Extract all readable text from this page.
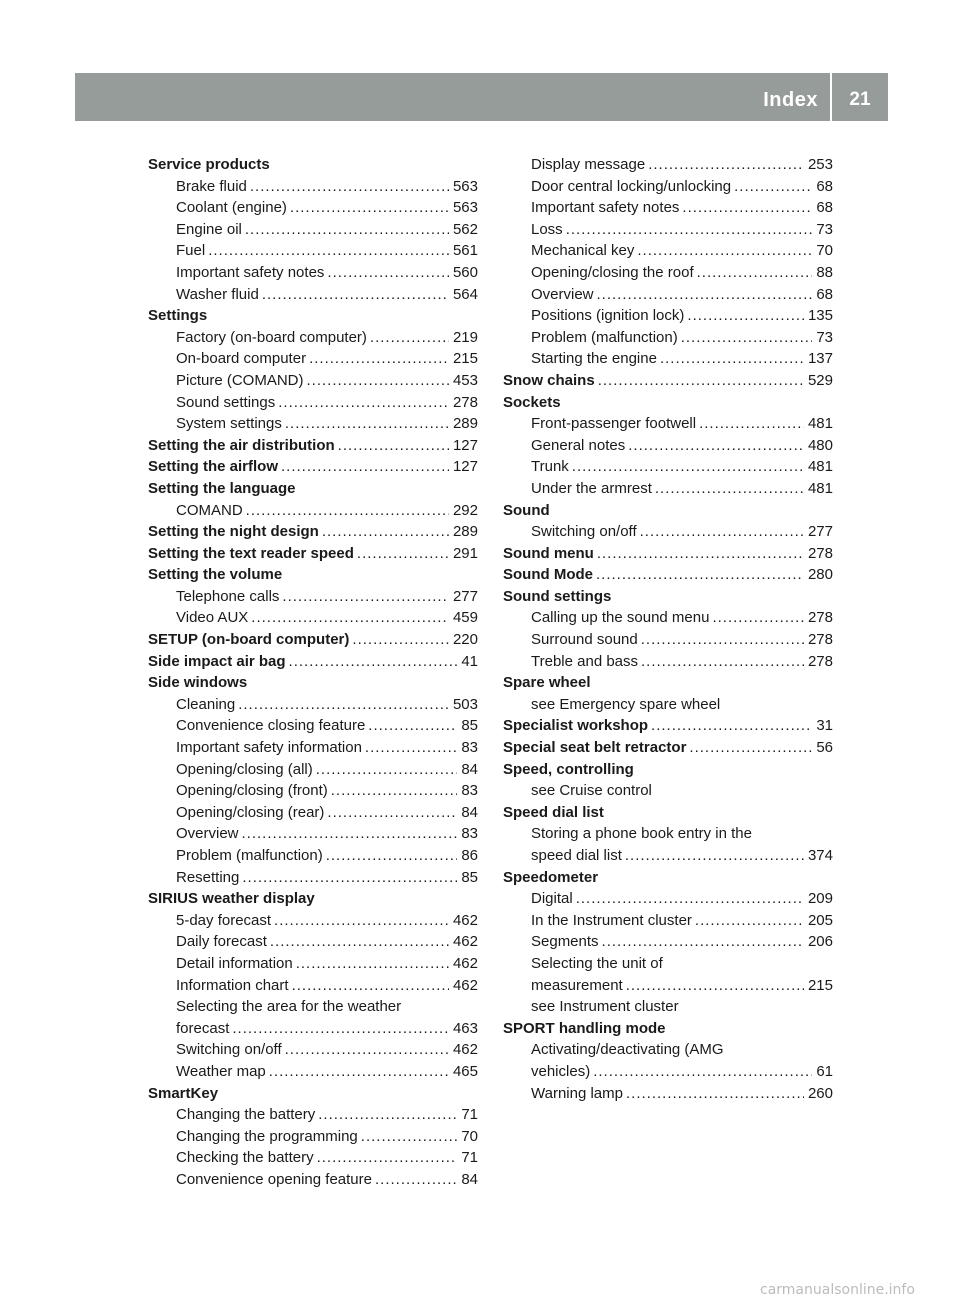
Index	21
Service products
Brake fluid .....	563
Coolant (engine) .....	563
Engine oil .....	562
Fuel .....	561
Important safety notes .....	560
Washer fluid .....	564
Settings
Factory (on-board computer) .....	219
On-board computer .....	215
Picture (COMAND) .....	453
Sound settings .....	278
System settings .....	289
Setting the air distribution .....	127
Setting the airflow .....	127
Setting the language
COMAND .....	292
Setting the night design .....	289
Setting the text reader speed .....	291
Setting the volume
Telephone calls .....	277
Video AUX .....	459
SETUP (on-board computer) .....	220
Side impact air bag .....	41
Side windows
Cleaning .....	503
Convenience closing feature .....	85
Important safety information .....	83
Opening/closing (all) .....	84
Opening/closing (front) .....	83
Opening/closing (rear) .....	84
Overview .....	83
Problem (malfunction) .....	86
Resetting .....	85
SIRIUS weather display
5-day forecast .....	462
Daily forecast .....	462
Detail information .....	462
Information chart .....	462
Selecting the area for the weather
forecast .....	463
Switching on/off .....	462
Weather map .....	465
SmartKey
Changing the battery .....	71
Changing the programming .....	70
Checking the battery .....	71
Convenience opening feature .....	84
Display message .....	253
Door central locking/unlocking .....	68
Important safety notes .....	68
Loss .....	73
Mechanical key .....	70
Opening/closing the roof .....	88
Overview .....	68
Positions (ignition lock) .....	135
Problem (malfunction) .....	73
Starting the engine .....	137
Snow chains .....	529
Sockets
Front-passenger footwell .....	481
General notes .....	480
Trunk .....	481
Under the armrest .....	481
Sound
Switching on/off .....	277
Sound menu .....	278
Sound Mode .....	280
Sound settings
Calling up the sound menu .....	278
Surround sound .....	278
Treble and bass .....	278
Spare wheel
see Emergency spare wheel
Specialist workshop .....	31
Special seat belt retractor .....	56
Speed, controlling
see Cruise control
Speed dial list
Storing a phone book entry in the
speed dial list .....	374
Speedometer
Digital .....	209
In the Instrument cluster .....	205
Segments .....	206
Selecting the unit of
measurement .....	215
see Instrument cluster
SPORT handling mode
Activating/deactivating (AMG
vehicles) .....	61
Warning lamp .....	260
carmanualsonline.info
